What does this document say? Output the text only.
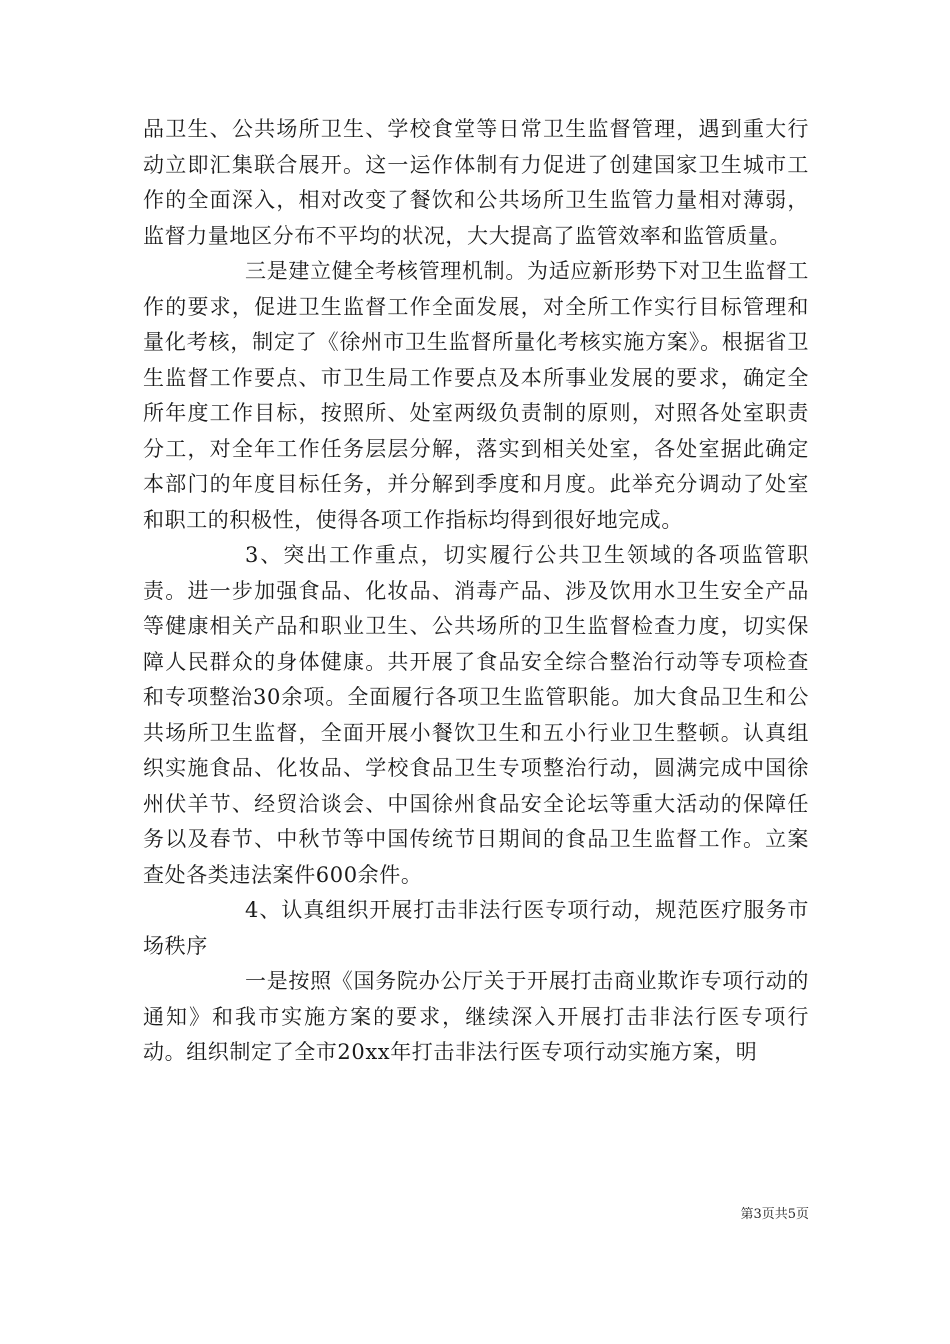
品卫生、公共场所卫生、学校食堂等日常卫生监督管理，遇到重大行动立即汇集联合展开。这一运作体制有力促进了创建国家卫生城市工作的全面深入，相对改变了餐饮和公共场所卫生监管力量相对薄弱，监督力量地区分布不平均的状况，大大提高了监管效率和监管质量。

三是建立健全考核管理机制。为适应新形势下对卫生监督工作的要求，促进卫生监督工作全面发展，对全所工作实行目标管理和量化考核，制定了《徐州市卫生监督所量化考核实施方案》。根据省卫生监督工作要点、市卫生局工作要点及本所事业发展的要求，确定全所年度工作目标，按照所、处室两级负责制的原则，对照各处室职责分工，对全年工作任务层层分解，落实到相关处室，各处室据此确定本部门的年度目标任务，并分解到季度和月度。此举充分调动了处室和职工的积极性，使得各项工作指标均得到很好地完成。

3、突出工作重点，切实履行公共卫生领域的各项监管职责。进一步加强食品、化妆品、消毒产品、涉及饮用水卫生安全产品等健康相关产品和职业卫生、公共场所的卫生监督检查力度，切实保障人民群众的身体健康。共开展了食品安全综合整治行动等专项检查和专项整治30余项。全面履行各项卫生监管职能。加大食品卫生和公共场所卫生监督，全面开展小餐饮卫生和五小行业卫生整顿。认真组织实施食品、化妆品、学校食品卫生专项整治行动，圆满完成中国徐州伏羊节、经贸洽谈会、中国徐州食品安全论坛等重大活动的保障任务以及春节、中秋节等中国传统节日期间的食品卫生监督工作。立案查处各类违法案件600余件。

4、认真组织开展打击非法行医专项行动，规范医疗服务市场秩序

一是按照《国务院办公厅关于开展打击商业欺诈专项行动的通知》和我市实施方案的要求，继续深入开展打击非法行医专项行动。组织制定了全市20xx年打击非法行医专项行动实施方案，明

第3页共5页
